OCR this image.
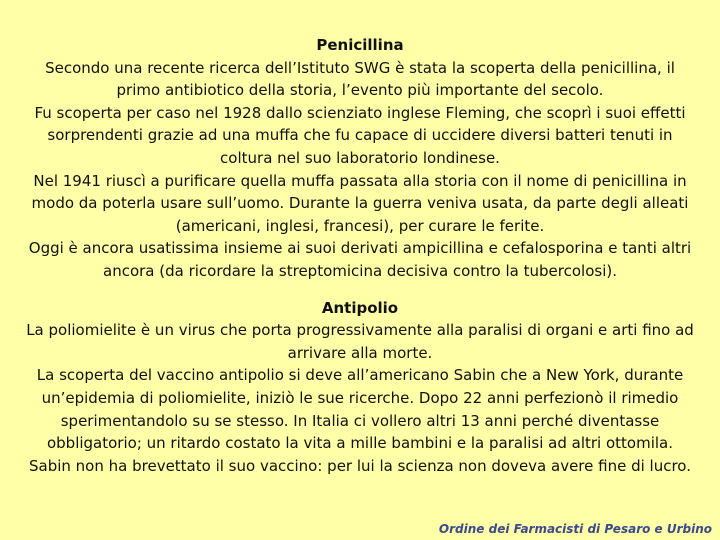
Penicillina
Secondo una recente ricerca dell’Istituto SWG è stata la scoperta della penicillina, il primo antibiotico della storia, l’evento più importante del secolo.
Fu scoperta per caso nel 1928 dallo scienziato inglese Fleming, che scoprì i suoi effetti sorprendenti grazie ad una muffa che fu capace di uccidere diversi batteri tenuti in coltura nel suo laboratorio londinese.
Nel 1941 riuscì a purificare quella muffa passata alla storia con il nome di penicillina in modo da poterla usare sull’uomo. Durante la guerra veniva usata, da parte degli alleati (americani, inglesi, francesi), per curare le ferite.
Oggi è ancora usatissima insieme ai suoi derivati ampicillina e cefalosporina e tanti altri ancora (da ricordare la streptomicina decisiva contro la tubercolosi).
Antipolio
La poliomielite è un virus che porta progressivamente alla paralisi di organi e arti fino ad arrivare alla morte.
La scoperta del vaccino antipolio si deve all’americano Sabin che a New York, durante un’epidemia di poliomielite, iniziò le sue ricerche. Dopo 22 anni perfezionò il rimedio sperimentandolo su se stesso. In Italia ci vollero altri 13 anni perché diventasse obbligatorio; un ritardo costato la vita a mille bambini e la paralisi ad altri ottomila.
Sabin non ha brevettato il suo vaccino: per lui la scienza non doveva avere fine di lucro.
Ordine dei Farmacisti di Pesaro e Urbino
